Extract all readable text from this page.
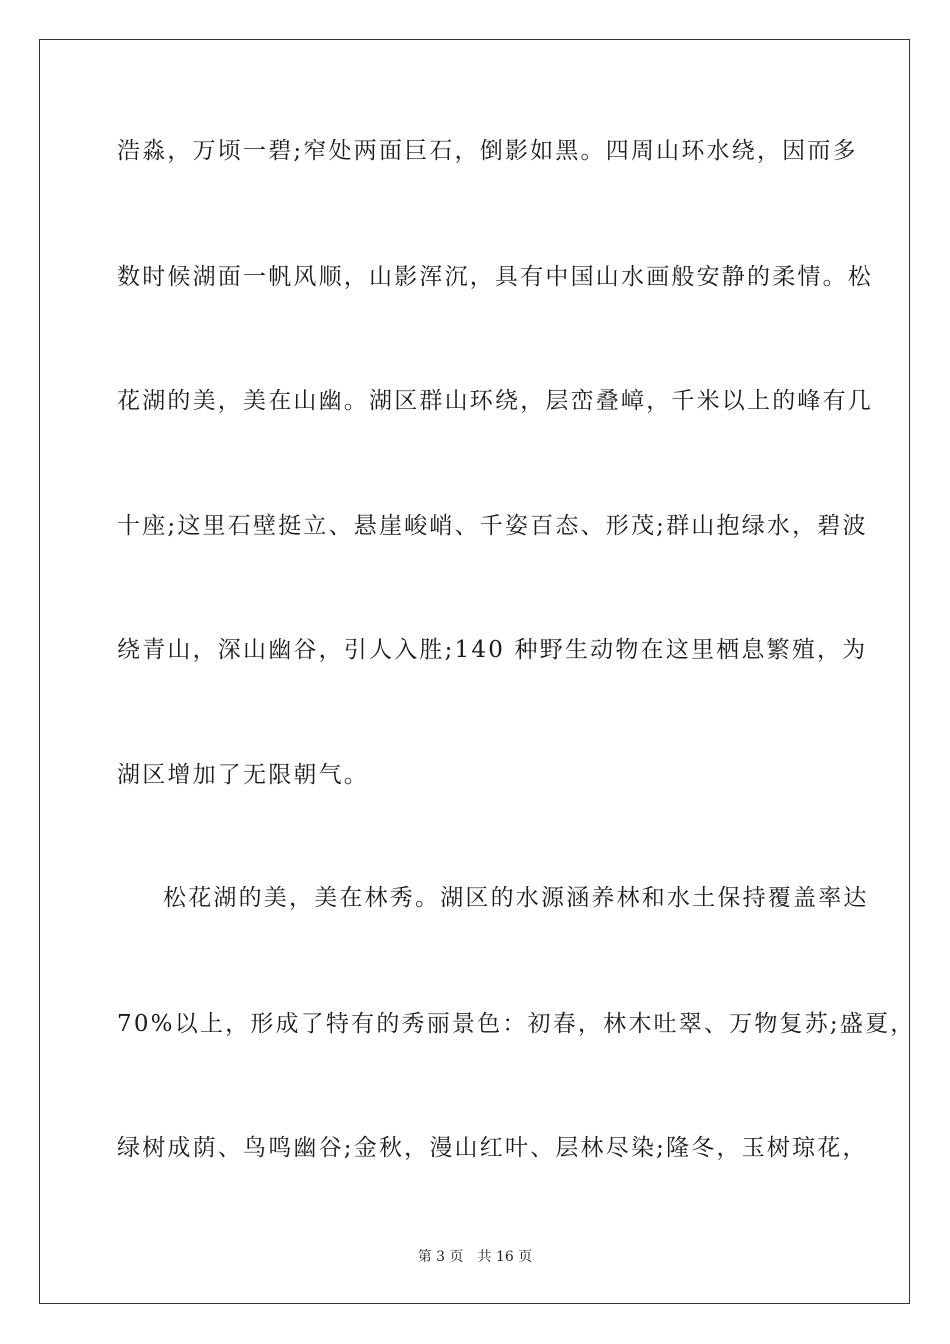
浩淼，万顷一碧;窄处两面巨石，倒影如黑。四周山环水绕，因而多
数时候湖面一帆风顺，山影浑沉，具有中国山水画般安静的柔情。松
花湖的美，美在山幽。湖区群山环绕，层峦叠嶂，千米以上的峰有几
十座;这里石壁挺立、悬崖峻峭、千姿百态、形茂;群山抱绿水，碧波
绕青山，深山幽谷，引人入胜;140 种野生动物在这里栖息繁殖，为
湖区增加了无限朝气。
松花湖的美，美在林秀。湖区的水源涵养林和水土保持覆盖率达
70%以上，形成了特有的秀丽景色：初春，林木吐翠、万物复苏;盛夏，
绿树成荫、鸟鸣幽谷;金秋，漫山红叶、层林尽染;隆冬，玉树琼花，
第 3 页 共 16 页
